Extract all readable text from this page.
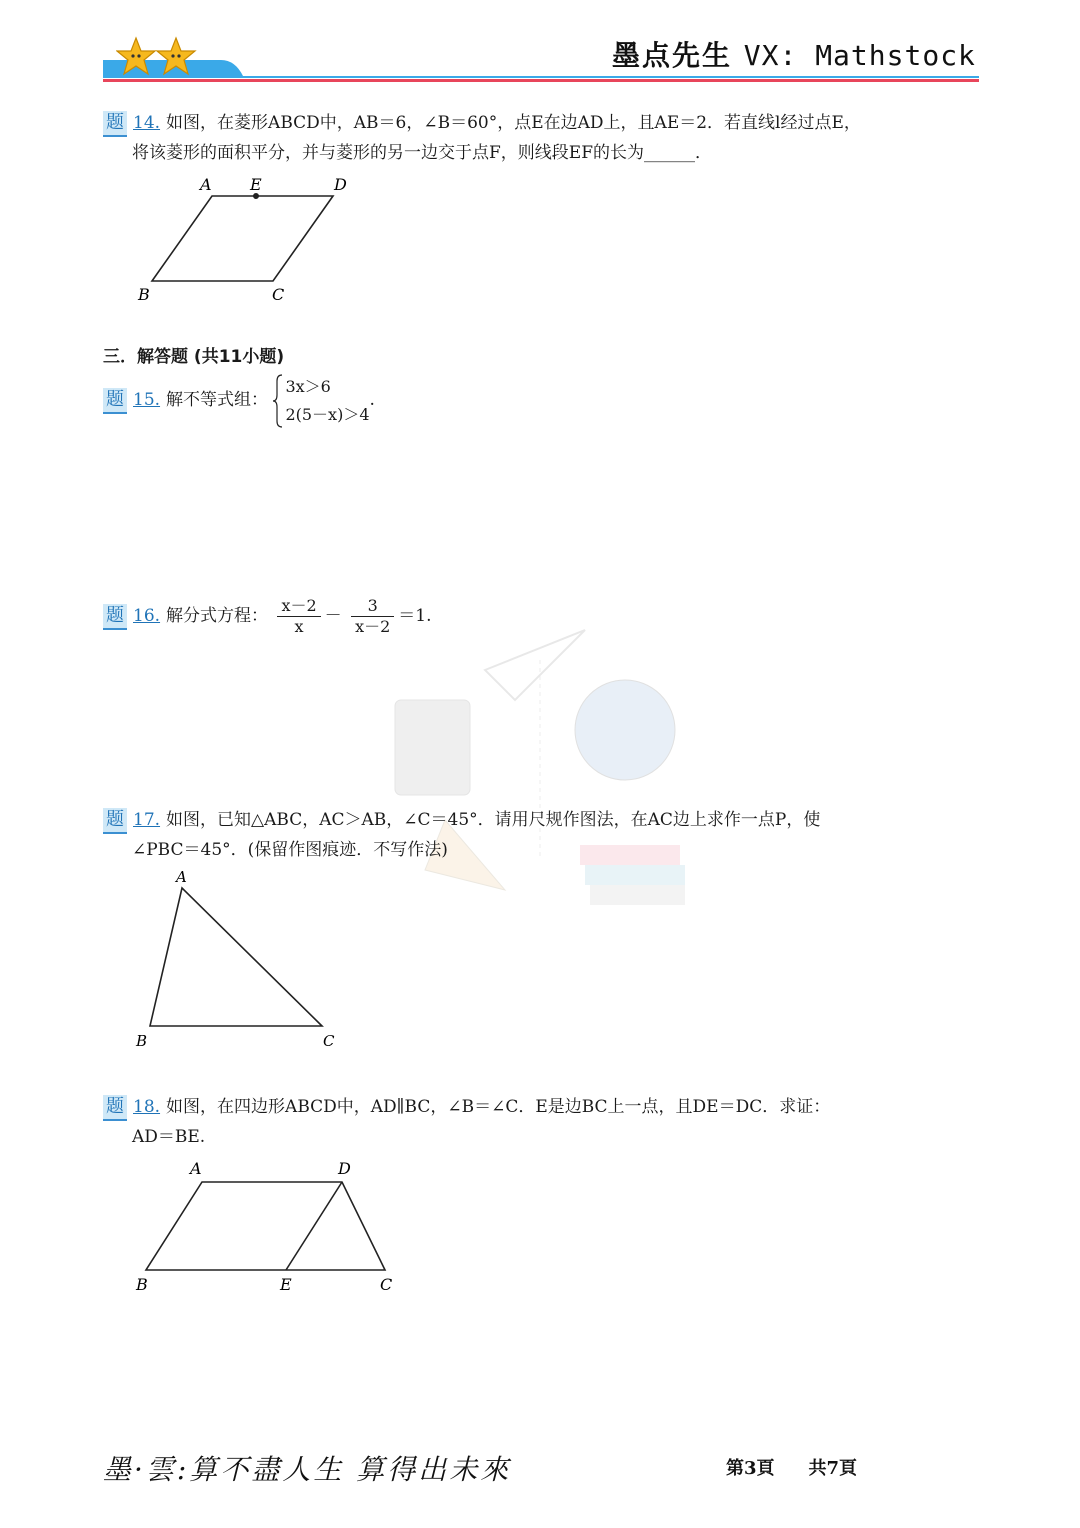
墨点先生 VX: Mathstock
题 14. 如图，在菱形ABCD中，AB＝6，∠B＝60°，点E在边AD上，且AE＝2．若直线l经过点E，
将该菱形的面积平分，并与菱形的另一边交于点F，则线段EF的长为______．
A E	D
B	C
三．解答题 (共11小题)
题 15. 解不等式组：
3x＞6
2(5－x)＞4
.
题 16. 解分式方程： $\frac{x-2}{x} - \frac{3}{x-2} =1$.
题 17. 如图，已知△ABC，AC＞AB，∠C＝45°．请用尺规作图法，在AC边上求作一点P，使
∠PBC＝45°．(保留作图痕迹．不写作法)
A
B	C
题 18. 如图，在四边形ABCD中，AD∥BC，∠B＝∠C．E是边BC上一点，且DE＝DC．求证：
AD＝BE.
A	D
B	E	C
墨·雲:算不盡人生 算得出未來	第3頁 共7頁
